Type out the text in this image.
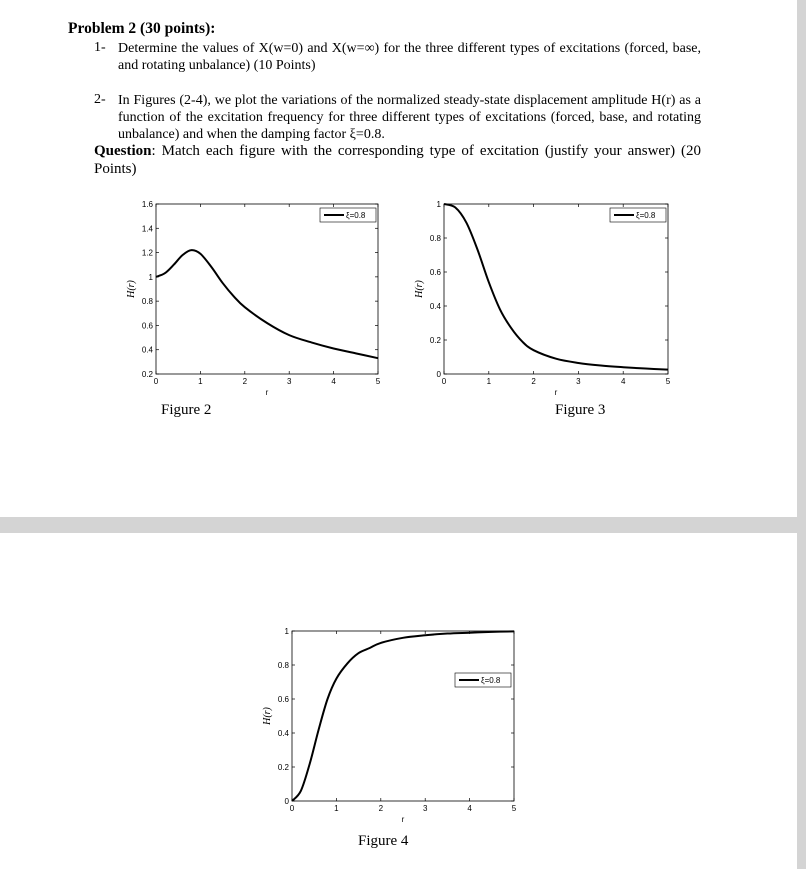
Problem 2 (30 points):
1- Determine the values of X(w=0) and X(w=∞) for the three different types of excitations (forced, base, and rotating unbalance) (10 Points)
2- In Figures (2-4), we plot the variations of the normalized steady-state displacement amplitude H(r) as a function of the excitation frequency for three different types of excitations (forced, base, and rotating unbalance) and when the damping factor ξ=0.8.
Question: Match each figure with the corresponding type of excitation (justify your answer) (20 Points)
0	1	2	3	4	5
0.2
0.4
0.6
0.8
1
1.2
1.4
1.6
r
H(r)
ξ=0.8
Figure 2
0	1	2	3	4	5
0
0.2
0.4
0.6
0.8
1
r
H(r)
ξ=0.8
Figure 3
0	1	2	3	4	5
0
0.2
0.4
0.6
0.8
1
r
H(r)
ξ=0.8
Figure 4
